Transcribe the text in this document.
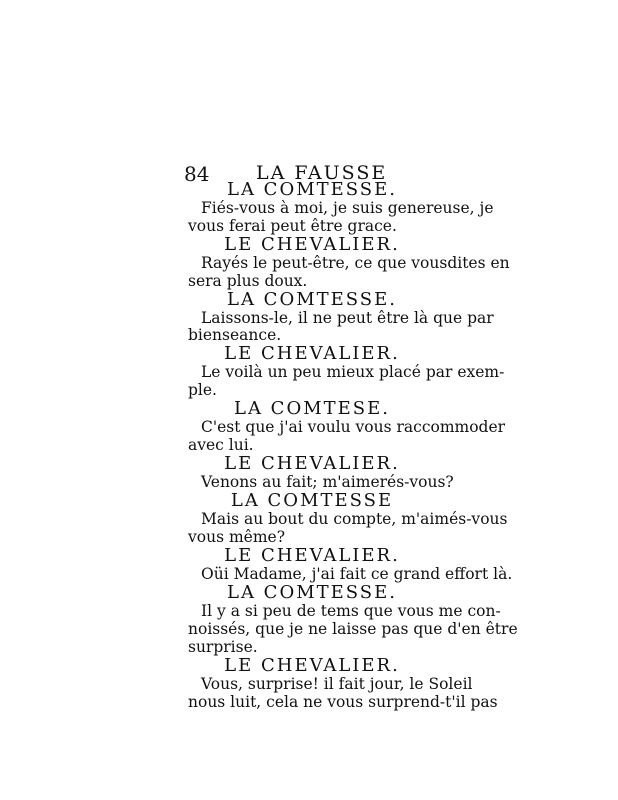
84 LA FAUSSE
LA COMTESSE.
Fiés-vous à moi, je suis genereuse, je
vous ferai peut être grace.
LE CHEVALIER.
Rayés le peut-être, ce que vousdites en
sera plus doux.
LA COMTESSE.
Laissons-le, il ne peut être là que par
bienseance.
LE CHEVALIER.
Le voilà un peu mieux placé par exem-
ple.
LA COMTESE.
C'est que j'ai voulu vous raccommoder
avec lui.
LE CHEVALIER.
Venons au fait; m'aimerés-vous?
LA COMTESSE
Mais au bout du compte, m'aimés-vous
vous même?
LE CHEVALIER.
Oüi Madame, j'ai fait ce grand effort là.
LA COMTESSE.
Il y a si peu de tems que vous me con-
noissés, que je ne laisse pas que d'en être
surprise.
LE CHEVALIER.
Vous, surprise! il fait jour, le Soleil
nous luit, cela ne vous surprend-t'il pas
